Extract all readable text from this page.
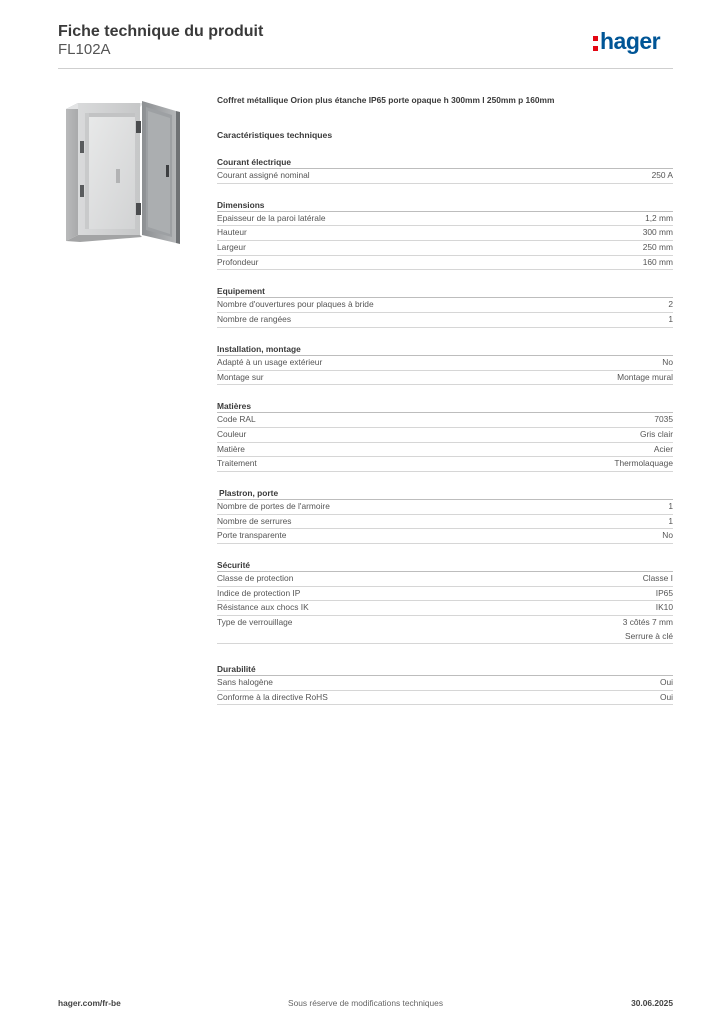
Fiche technique du produit
FL102A	hager
Coffret métallique Orion plus étanche IP65 porte opaque h 300mm l 250mm p 160mm
Caractéristiques techniques
Courant électrique
Courant assigné nominal	250 A
Dimensions
Epaisseur de la paroi latérale	1,2 mm
Hauteur	300 mm
Largeur	250 mm
Profondeur	160 mm
Equipement
Nombre d'ouvertures pour plaques à bride	2
Nombre de rangées	1
Installation, montage
Adapté à un usage extérieur	No
Montage sur	Montage mural
Matières
Code RAL	7035
Couleur	Gris clair
Matière	Acier
Traitement	Thermolaquage
Plastron, porte
Nombre de portes de l'armoire	1
Nombre de serrures	1
Porte transparente	No
Sécurité
Classe de protection	Classe I
Indice de protection IP	IP65
Résistance aux chocs IK	IK10
Type de verrouillage	3 côtés 7 mm
Serrure à clé
Durabilité
Sans halogène	Oui
Conforme à la directive RoHS	Oui
hager.com/fr-be	Sous réserve de modifications techniques	30.06.2025
